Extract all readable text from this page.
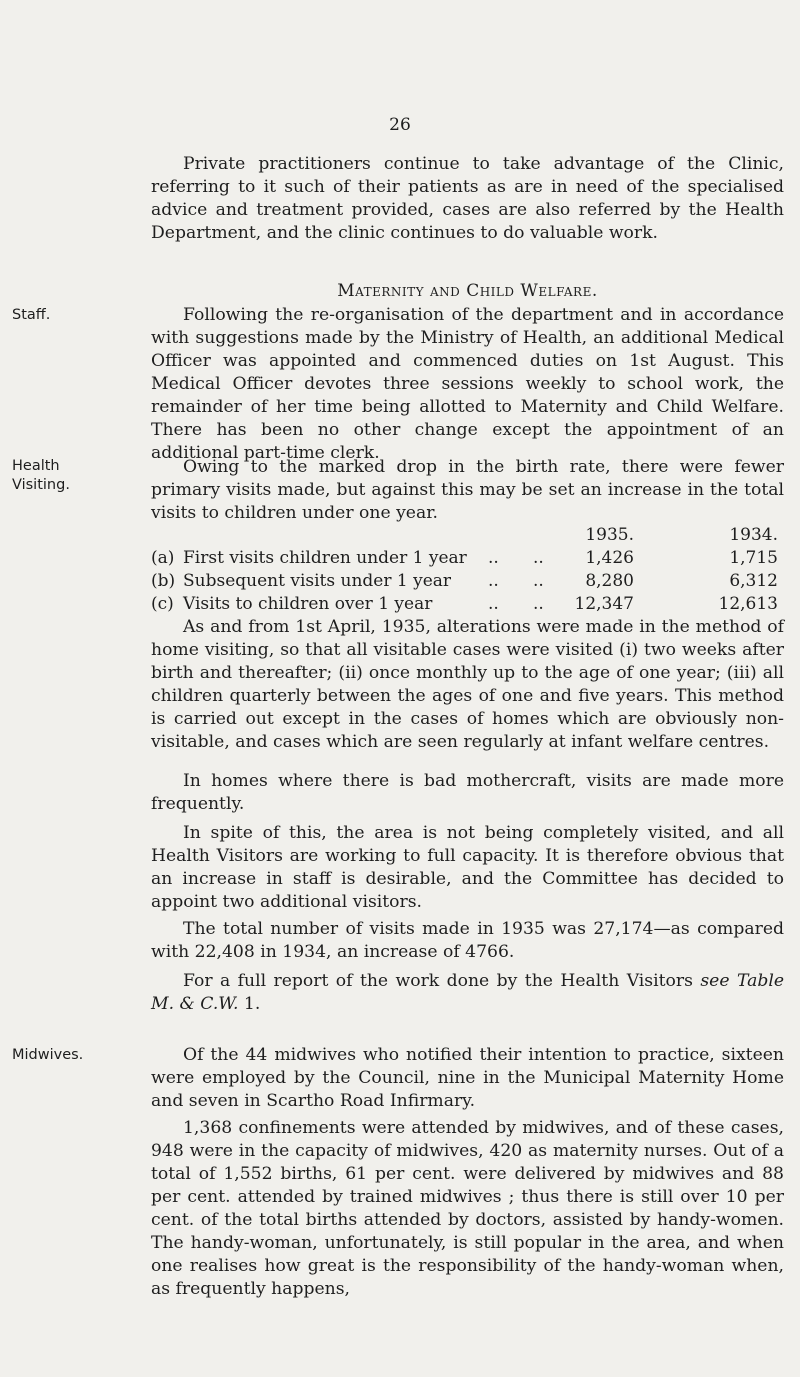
26

Private practitioners continue to take advantage of the Clinic, referring to it such of their patients as are in need of the specialised advice and treatment provided, cases are also referred by the Health Department, and the clinic continues to do valuable work.

Maternity and Child Welfare.
Staff.	Following the re-organisation of the department and in accordance with suggestions made by the Ministry of Health, an additional Medical Officer was appointed and commenced duties on 1st August. This Medical Officer devotes three sessions weekly to school work, the remainder of her time being allotted to Maternity and Child Welfare. There has been no other change except the appointment of an additional part-time clerk.

Health
Visiting.

Owing to the marked drop in the birth rate, there were fewer primary visits made, but against this may be set an increase in the total visits to children under one year.

1935.	1934.
(a) First visits children under 1 year .. .. 1,426	1,715
(b) Subsequent visits under 1 year .. .. 8,280	6,312
(c) Visits to children over 1 year	.. .. 12,347	12,613

As and from 1st April, 1935, alterations were made in the method of home visiting, so that all visitable cases were visited (i) two weeks after birth and thereafter; (ii) once monthly up to the age of one year; (iii) all children quarterly between the ages of one and five years. This method is carried out except in the cases of homes which are obviously non-visitable, and cases which are seen regularly at infant welfare centres.

In homes where there is bad mothercraft, visits are made more frequently.

In spite of this, the area is not being completely visited, and all Health Visitors are working to full capacity. It is therefore obvious that an increase in staff is desirable, and the Committee has decided to appoint two additional visitors.

The total number of visits made in 1935 was 27,174—as compared with 22,408 in 1934, an increase of 4766.

For a full report of the work done by the Health Visitors see Table M. & C.W. 1.

Midwives.	Of the 44 midwives who notified their intention to practice, sixteen were employed by the Council, nine in the Municipal Maternity Home and seven in Scartho Road Infirmary.

1,368 confinements were attended by midwives, and of these cases, 948 were in the capacity of midwives, 420 as maternity nurses. Out of a total of 1,552 births, 61 per cent. were delivered by midwives and 88 per cent. attended by trained midwives ; thus there is still over 10 per cent. of the total births attended by doctors, assisted by handy-women. The handy-woman, unfortunately, is still popular in the area, and when one realises how great is the responsibility of the handy-woman when, as frequently happens,
